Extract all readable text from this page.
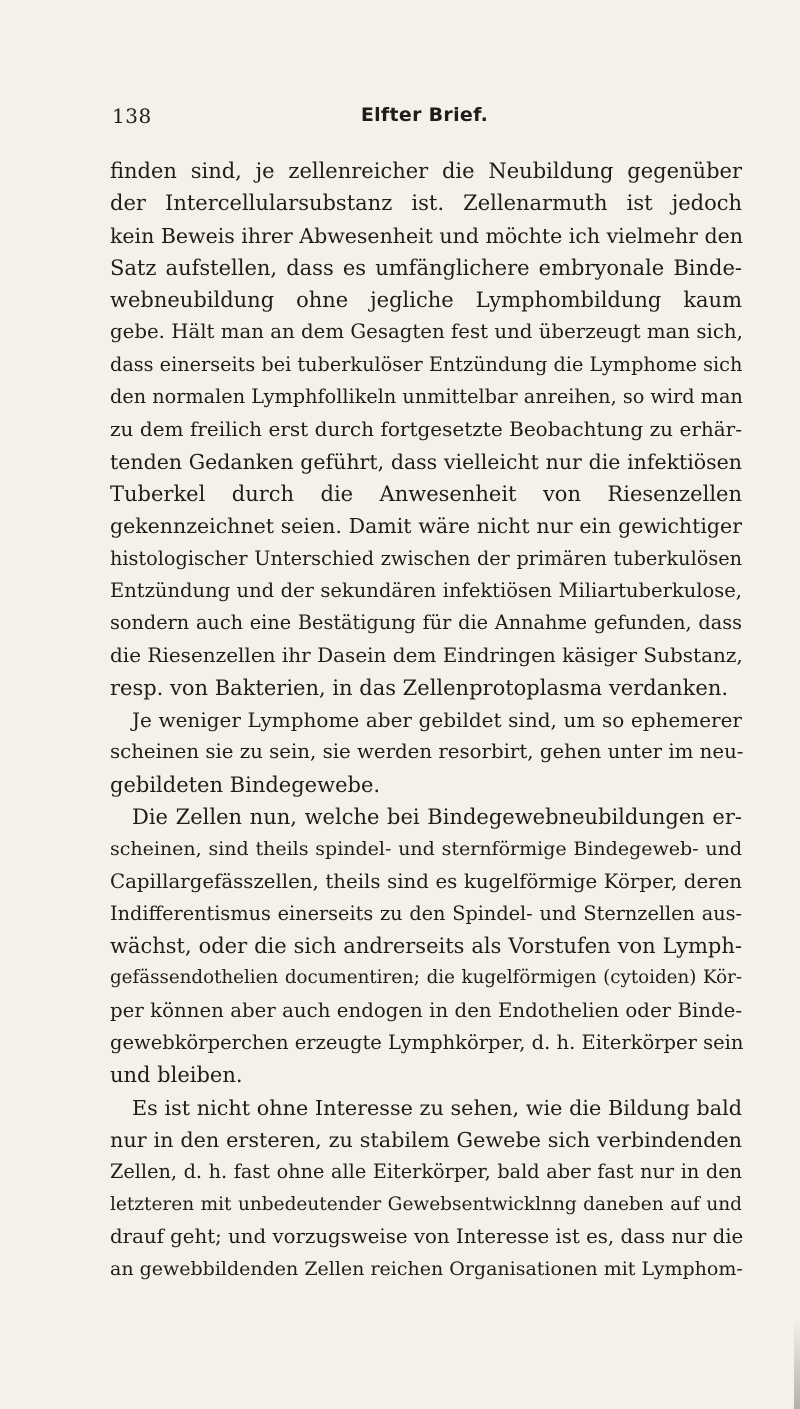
138	Elfter Brief.
finden sind, je zellenreicher die Neubildung gegenüber
der Intercellularsubstanz ist. Zellenarmuth ist jedoch
kein Beweis ihrer Abwesenheit und möchte ich vielmehr den
Satz aufstellen, dass es umfänglichere embryonale Binde-
webneubildung ohne jegliche Lymphombildung kaum
gebe. Hält man an dem Gesagten fest und überzeugt man sich,
dass einerseits bei tuberkulöser Entzündung die Lymphome sich
den normalen Lymphfollikeln unmittelbar anreihen, so wird man
zu dem freilich erst durch fortgesetzte Beobachtung zu erhär-
tenden Gedanken geführt, dass vielleicht nur die infektiösen
Tuberkel durch die Anwesenheit von Riesenzellen
gekennzeichnet seien. Damit wäre nicht nur ein gewichtiger
histologischer Unterschied zwischen der primären tuberkulösen
Entzündung und der sekundären infektiösen Miliartuberkulose,
sondern auch eine Bestätigung für die Annahme gefunden, dass
die Riesenzellen ihr Dasein dem Eindringen käsiger Substanz,
resp. von Bakterien, in das Zellenprotoplasma verdanken.
Je weniger Lymphome aber gebildet sind, um so ephemerer
scheinen sie zu sein, sie werden resorbirt, gehen unter im neu-
gebildeten Bindegewebe.
Die Zellen nun, welche bei Bindegewebneubildungen er-
scheinen, sind theils spindel- und sternförmige Bindegeweb- und
Capillargefässzellen, theils sind es kugelförmige Körper, deren
Indifferentismus einerseits zu den Spindel- und Sternzellen aus-
wächst, oder die sich andrerseits als Vorstufen von Lymph-
gefässendothelien documentiren; die kugelförmigen (cytoiden) Kör-
per können aber auch endogen in den Endothelien oder Binde-
gewebkörperchen erzeugte Lymphkörper, d. h. Eiterkörper sein
und bleiben.
Es ist nicht ohne Interesse zu sehen, wie die Bildung bald
nur in den ersteren, zu stabilem Gewebe sich verbindenden
Zellen, d. h. fast ohne alle Eiterkörper, bald aber fast nur in den
letzteren mit unbedeutender Gewebsentwicklnng daneben auf und
drauf geht; und vorzugsweise von Interesse ist es, dass nur die
an gewebbildenden Zellen reichen Organisationen mit Lymphom-
